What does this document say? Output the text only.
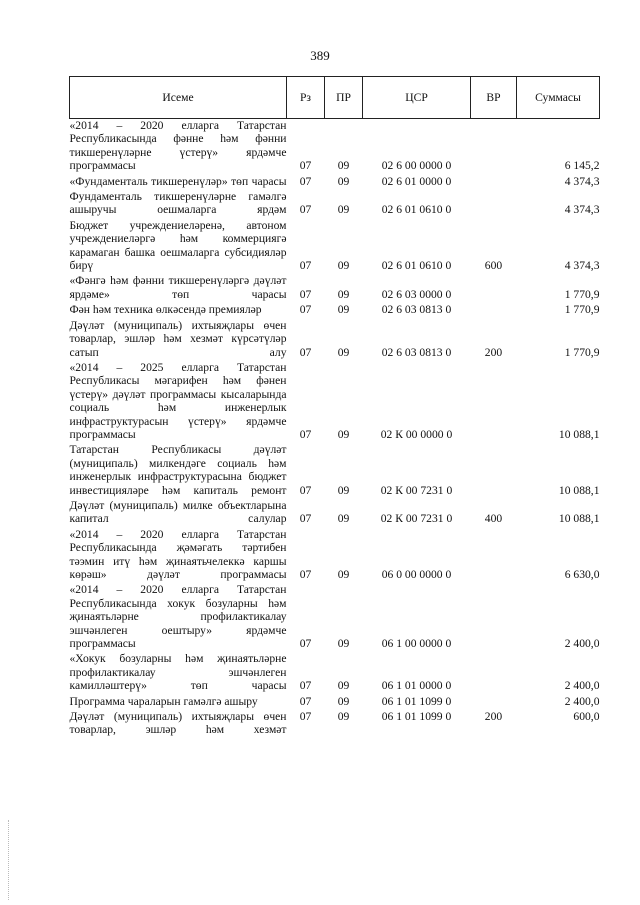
389
Исеме	Рз	ПР	ЦСР	ВР	Суммасы
«2014 – 2020 елларга Татарстан Республикасында фәнне һәм фәнни тикшеренүләрне үстерү» ярдәмче программасы	07	09	02 6 00 0000 0		6 145,2
«Фундаменталь тикшеренүләр» төп чарасы	07	09	02 6 01 0000 0		4 374,3
Фундаменталь тикшеренүләрне гамәлгә ашыручы оешмаларга ярдәм	07	09	02 6 01 0610 0		4 374,3
Бюджет учреждениеләренә, автоном учреждениеләргә һәм коммерциягә карамаган башка оешмаларга субсидияләр бирү	07	09	02 6 01 0610 0	600	4 374,3
«Фәнгә һәм фәнни тикшеренүләргә дәүләт ярдәме» төп чарасы	07	09	02 6 03 0000 0		1 770,9
Фән һәм техника өлкәсендә премияләр	07	09	02 6 03 0813 0		1 770,9
Дәүләт (муниципаль) ихтыяҗлары өчен товарлар, эшләр һәм хезмәт күрсәтүләр сатып алу	07	09	02 6 03 0813 0	200	1 770,9
«2014 – 2025 елларга Татарстан Республикасы мәгарифен һәм фәнен үстерү» дәүләт программасы кысаларында социаль һәм инженерлык инфраструктурасын үстерү» ярдәмче программасы	07	09	02 К 00 0000 0		10 088,1
Татарстан Республикасы дәүләт (муниципаль) милкендәге социаль һәм инженерлык инфраструктурасына бюджет инвестицияләре һәм капиталь ремонт	07	09	02 К 00 7231 0		10 088,1
Дәүләт (муниципаль) милке объектларына капитал салулар	07	09	02 К 00 7231 0	400	10 088,1
«2014 – 2020 елларга Татарстан Республикасында җәмәгать тәртибен тәэмин итү һәм җинаятьчелеккә каршы көрәш» дәүләт программасы	07	09	06 0 00 0000 0		6 630,0
«2014 – 2020 елларга Татарстан Республикасында хокук бозуларны һәм җинаятьләрне профилактикалау эшчәнлеген оештыру» ярдәмче программасы	07	09	06 1 00 0000 0		2 400,0
«Хокук бозуларны һәм җинаятьләрне профилактикалау эшчәнлеген камилләштерү» төп чарасы	07	09	06 1 01 0000 0		2 400,0
Программа чараларын гамәлгә ашыру	07	09	06 1 01 1099 0		2 400,0
Дәүләт (муниципаль) ихтыяҗлары өчен товарлар, эшләр һәм хезмәт	07	09	06 1 01 1099 0	200	600,0
